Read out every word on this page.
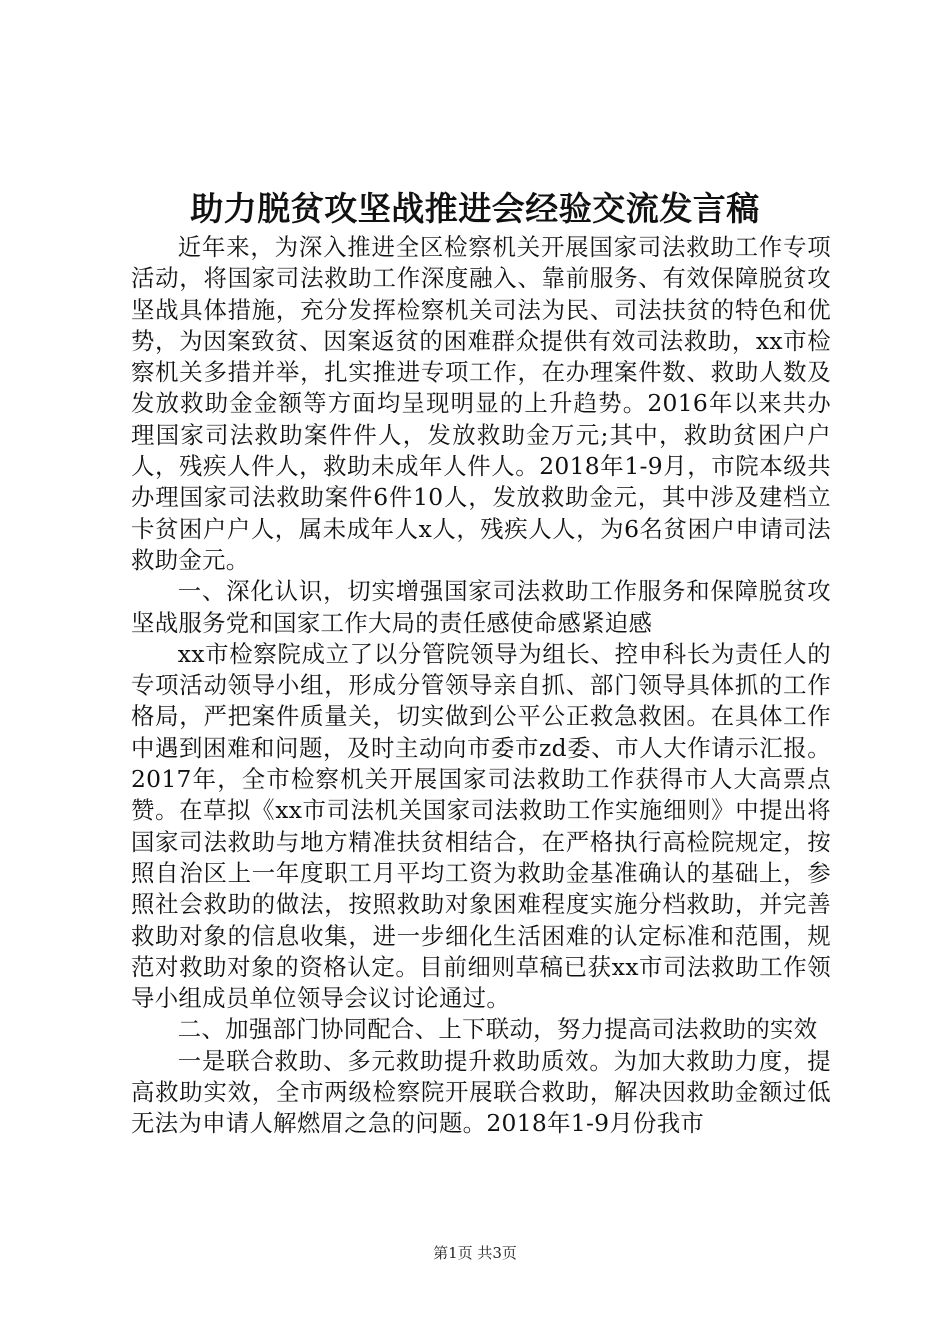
助力脱贫攻坚战推进会经验交流发言稿

近年来，为深入推进全区检察机关开展国家司法救助工作专项活动，将国家司法救助工作深度融入、靠前服务、有效保障脱贫攻坚战具体措施，充分发挥检察机关司法为民、司法扶贫的特色和优势，为因案致贫、因案返贫的困难群众提供有效司法救助，xx市检察机关多措并举，扎实推进专项工作，在办理案件数、救助人数及发放救助金金额等方面均呈现明显的上升趋势。2016年以来共办理国家司法救助案件件人，发放救助金万元;其中，救助贫困户户人，残疾人件人，救助未成年人件人。2018年1-9月，市院本级共办理国家司法救助案件6件10人，发放救助金元，其中涉及建档立卡贫困户户人，属未成年人x人，残疾人人，为6名贫困户申请司法救助金元。

一、深化认识，切实增强国家司法救助工作服务和保障脱贫攻坚战服务党和国家工作大局的责任感使命感紧迫感

xx市检察院成立了以分管院领导为组长、控申科长为责任人的专项活动领导小组，形成分管领导亲自抓、部门领导具体抓的工作格局，严把案件质量关，切实做到公平公正救急救困。在具体工作中遇到困难和问题，及时主动向市委市zd委、市人大作请示汇报。2017年，全市检察机关开展国家司法救助工作获得市人大高票点赞。在草拟《xx市司法机关国家司法救助工作实施细则》中提出将国家司法救助与地方精准扶贫相结合，在严格执行高检院规定，按照自治区上一年度职工月平均工资为救助金基准确认的基础上，参照社会救助的做法，按照救助对象困难程度实施分档救助，并完善救助对象的信息收集，进一步细化生活困难的认定标准和范围，规范对救助对象的资格认定。目前细则草稿已获xx市司法救助工作领导小组成员单位领导会议讨论通过。

二、加强部门协同配合、上下联动，努力提高司法救助的实效

一是联合救助、多元救助提升救助质效。为加大救助力度，提高救助实效，全市两级检察院开展联合救助，解决因救助金额过低无法为申请人解燃眉之急的问题。2018年1-9月份我市

第1页 共3页
